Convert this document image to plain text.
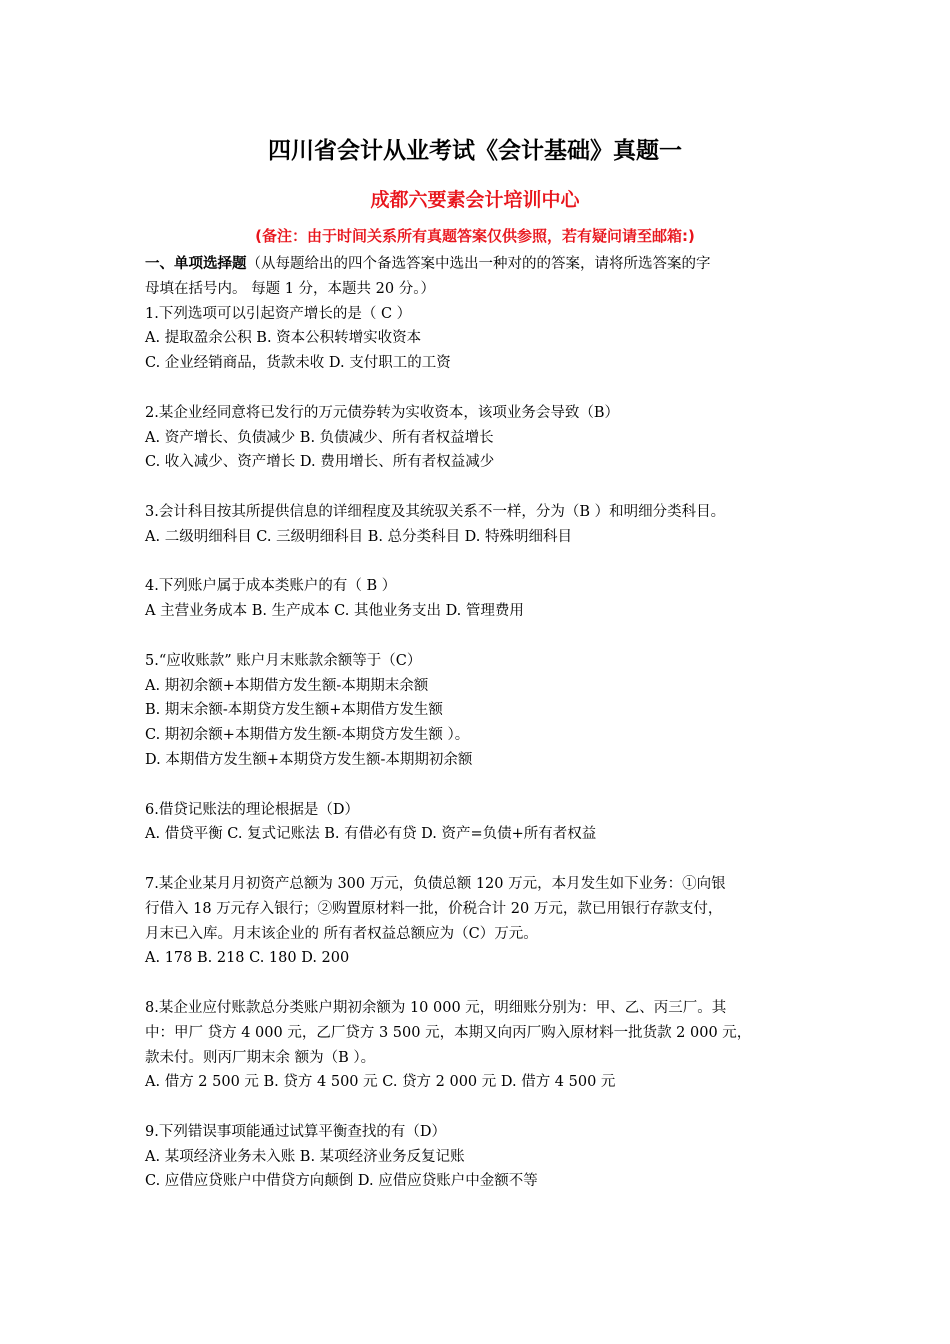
四川省会计从业考试《会计基础》真题一
成都六要素会计培训中心
(备注：由于时间关系所有真题答案仅供参照，若有疑问请至邮箱:)
一、单项选择题（从每题给出的四个备选答案中选出一种对的的答案，请将所选答案的字
母填在括号内。 每题 1 分，本题共 20 分。）
1.下列选项可以引起资产增长的是（ C ）
A. 提取盈余公积 B. 资本公积转增实收资本
C. 企业经销商品，货款未收 D. 支付职工的工资
2.某企业经同意将已发行的万元债券转为实收资本，该项业务会导致（B）
A. 资产增长、负债减少 B. 负债减少、所有者权益增长
C. 收入减少、资产增长 D. 费用增长、所有者权益减少
3.会计科目按其所提供信息的详细程度及其统驭关系不一样，分为（B ）和明细分类科目。
A. 二级明细科目 C. 三级明细科目 B. 总分类科目 D. 特殊明细科目
4.下列账户属于成本类账户的有（ B ）
A 主营业务成本 B. 生产成本 C. 其他业务支出 D. 管理费用
5.“应收账款” 账户月末账款余额等于（C）
A. 期初余额+本期借方发生额-本期期末余额
B. 期末余额-本期贷方发生额+本期借方发生额
C. 期初余额+本期借方发生额-本期贷方发生额 ）。
D. 本期借方发生额+本期贷方发生额-本期期初余额
6.借贷记账法的理论根据是（D）
A. 借贷平衡 C. 复式记账法 B. 有借必有贷 D. 资产=负债+所有者权益
7.某企业某月月初资产总额为 300 万元，负债总额 120 万元，本月发生如下业务：①向银
行借入 18 万元存入银行；②购置原材料一批，价税合计 20 万元，款已用银行存款支付，
月末已入库。月末该企业的 所有者权益总额应为（C）万元。
A. 178 B. 218 C. 180 D. 200
8.某企业应付账款总分类账户期初余额为 10 000 元，明细账分别为：甲、乙、丙三厂。其
中：甲厂 贷方 4 000 元，乙厂贷方 3 500 元，本期又向丙厂购入原材料一批货款 2 000 元，
款未付。则丙厂期末余 额为（B ）。
A. 借方 2 500 元 B. 贷方 4 500 元 C. 贷方 2 000 元 D. 借方 4 500 元
9.下列错误事项能通过试算平衡查找的有（D）
A. 某项经济业务未入账 B. 某项经济业务反复记账
C. 应借应贷账户中借贷方向颠倒 D. 应借应贷账户中金额不等
